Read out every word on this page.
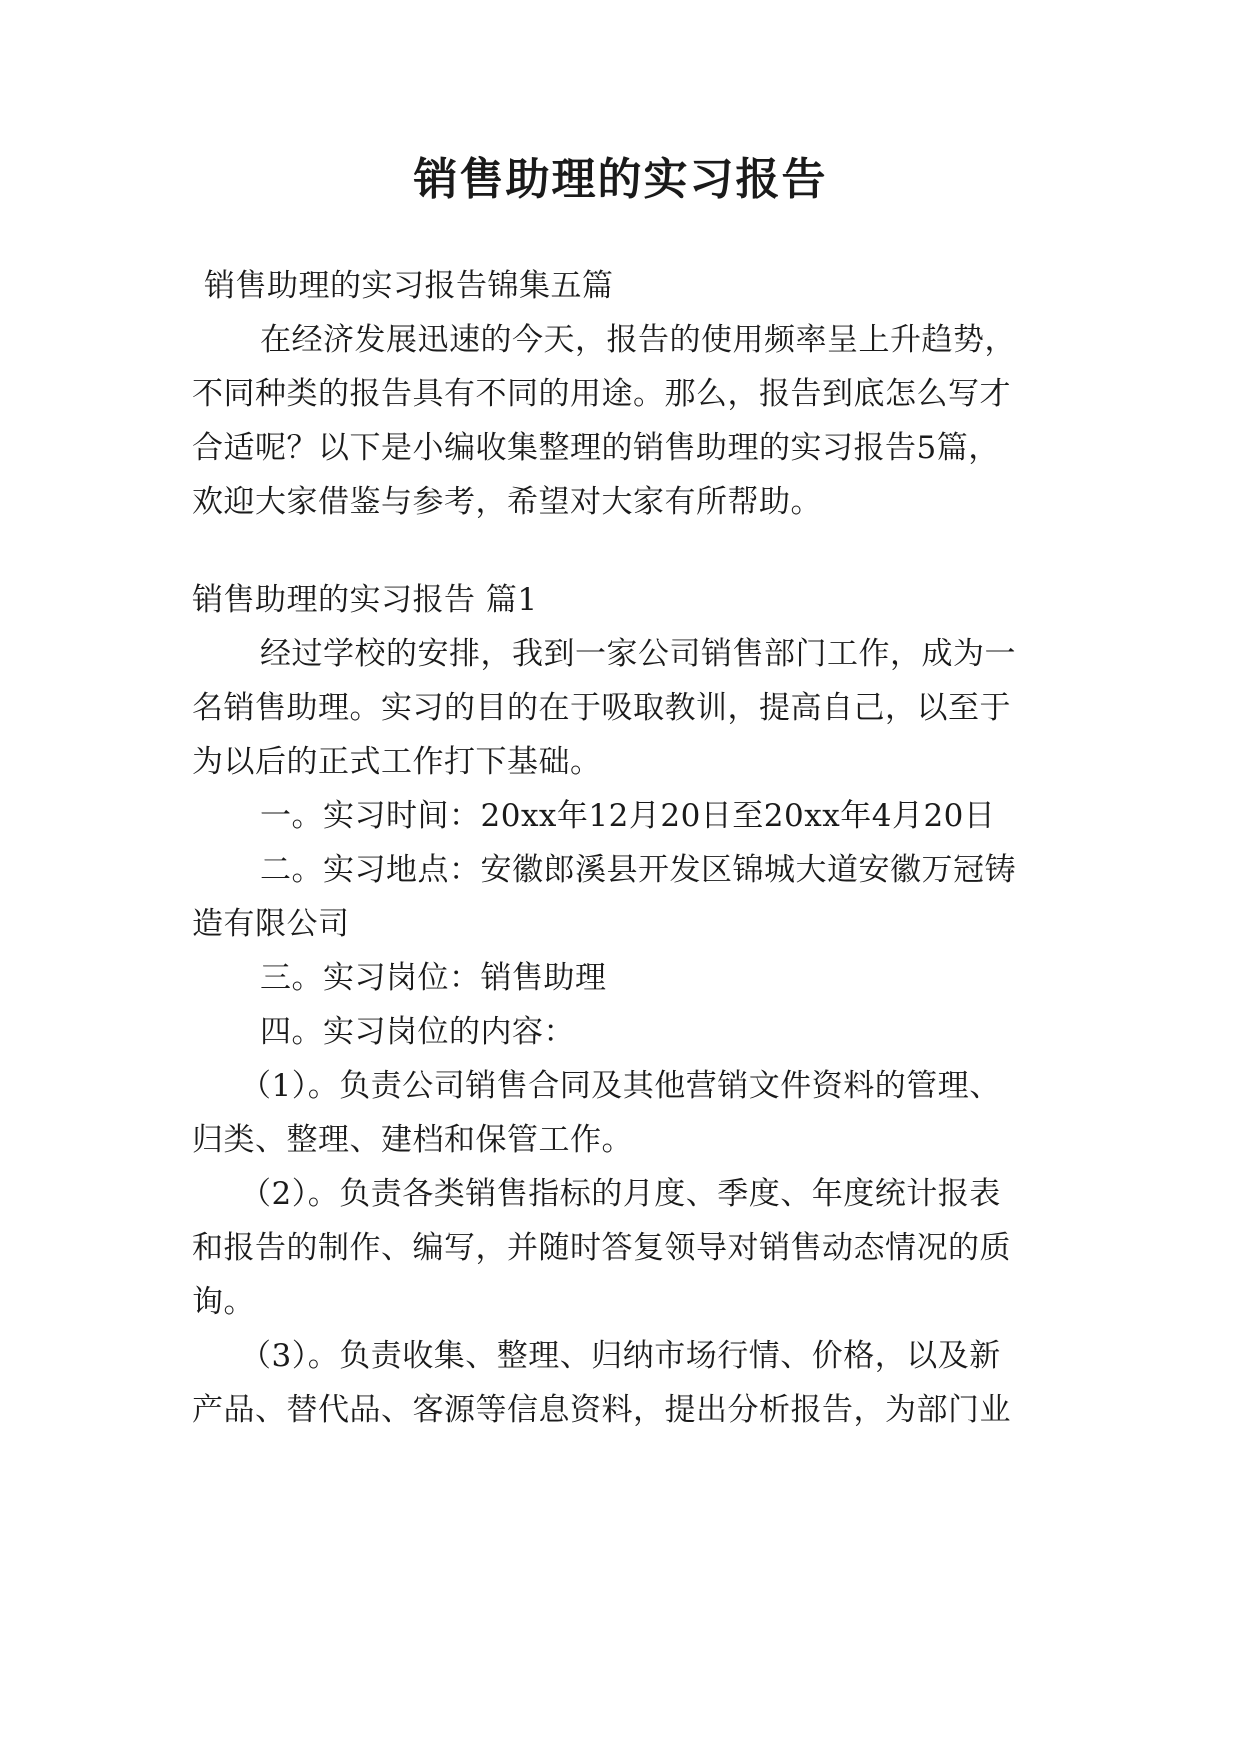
销售助理的实习报告
销售助理的实习报告锦集五篇
在经济发展迅速的今天，报告的使用频率呈上升趋势，
不同种类的报告具有不同的用途。那么，报告到底怎么写才
合适呢？以下是小编收集整理的销售助理的实习报告5篇，
欢迎大家借鉴与参考，希望对大家有所帮助。
销售助理的实习报告 篇1
经过学校的安排，我到一家公司销售部门工作，成为一
名销售助理。实习的目的在于吸取教训，提高自己，以至于
为以后的正式工作打下基础。
一。实习时间：20xx年12月20日至20xx年4月20日
二。实习地点：安徽郎溪县开发区锦城大道安徽万冠铸
造有限公司
三。实习岗位：销售助理
四。实习岗位的内容：
（1）。负责公司销售合同及其他营销文件资料的管理、
归类、整理、建档和保管工作。
（2）。负责各类销售指标的月度、季度、年度统计报表
和报告的制作、编写，并随时答复领导对销售动态情况的质
询。
（3）。负责收集、整理、归纳市场行情、价格，以及新
产品、替代品、客源等信息资料，提出分析报告，为部门业
